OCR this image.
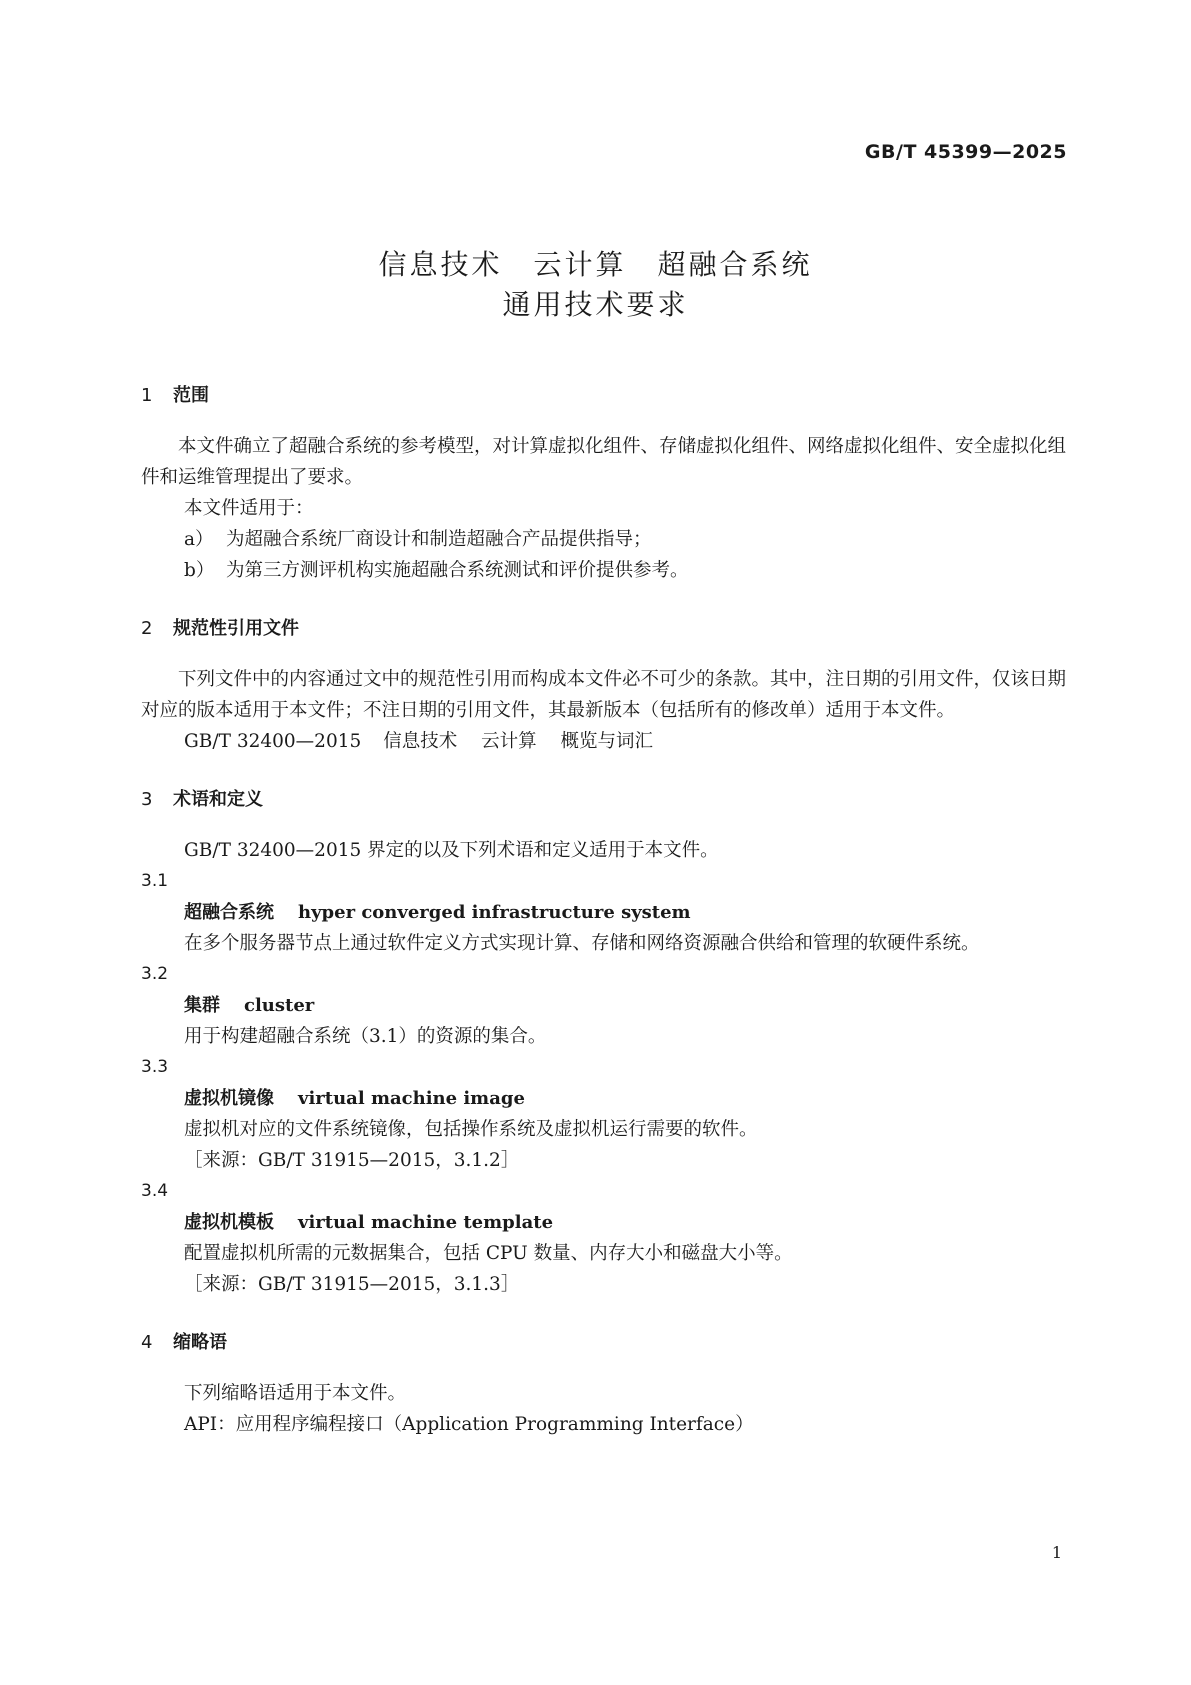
GB/T 45399—2025
信息技术　云计算　超融合系统
通用技术要求
1 范围

本文件确立了超融合系统的参考模型，对计算虚拟化组件、存储虚拟化组件、网络虚拟化组件、安全虚拟化组件和运维管理提出了要求。

本文件适用于：

a） 为超融合系统厂商设计和制造超融合产品提供指导；
b） 为第三方测评机构实施超融合系统测试和评价提供参考。
2 规范性引用文件

下列文件中的内容通过文中的规范性引用而构成本文件必不可少的条款。其中，注日期的引用文件，仅该日期对应的版本适用于本文件；不注日期的引用文件，其最新版本（包括所有的修改单）适用于本文件。

GB/T 32400—2015 信息技术 云计算 概览与词汇
3 术语和定义

GB/T 32400—2015 界定的以及下列术语和定义适用于本文件。

3.1
超融合系统 hyper converged infrastructure system

在多个服务器节点上通过软件定义方式实现计算、存储和网络资源融合供给和管理的软硬件系统。

3.2
集群 cluster

用于构建超融合系统（3.1）的资源的集合。

3.3
虚拟机镜像 virtual machine image

虚拟机对应的文件系统镜像，包括操作系统及虚拟机运行需要的软件。

［来源：GB/T 31915—2015，3.1.2］

3.4
虚拟机模板 virtual machine template

配置虚拟机所需的元数据集合，包括 CPU 数量、内存大小和磁盘大小等。

［来源：GB/T 31915—2015，3.1.3］

4 缩略语

下列缩略语适用于本文件。

API：应用程序编程接口（Application Programming Interface）

1
